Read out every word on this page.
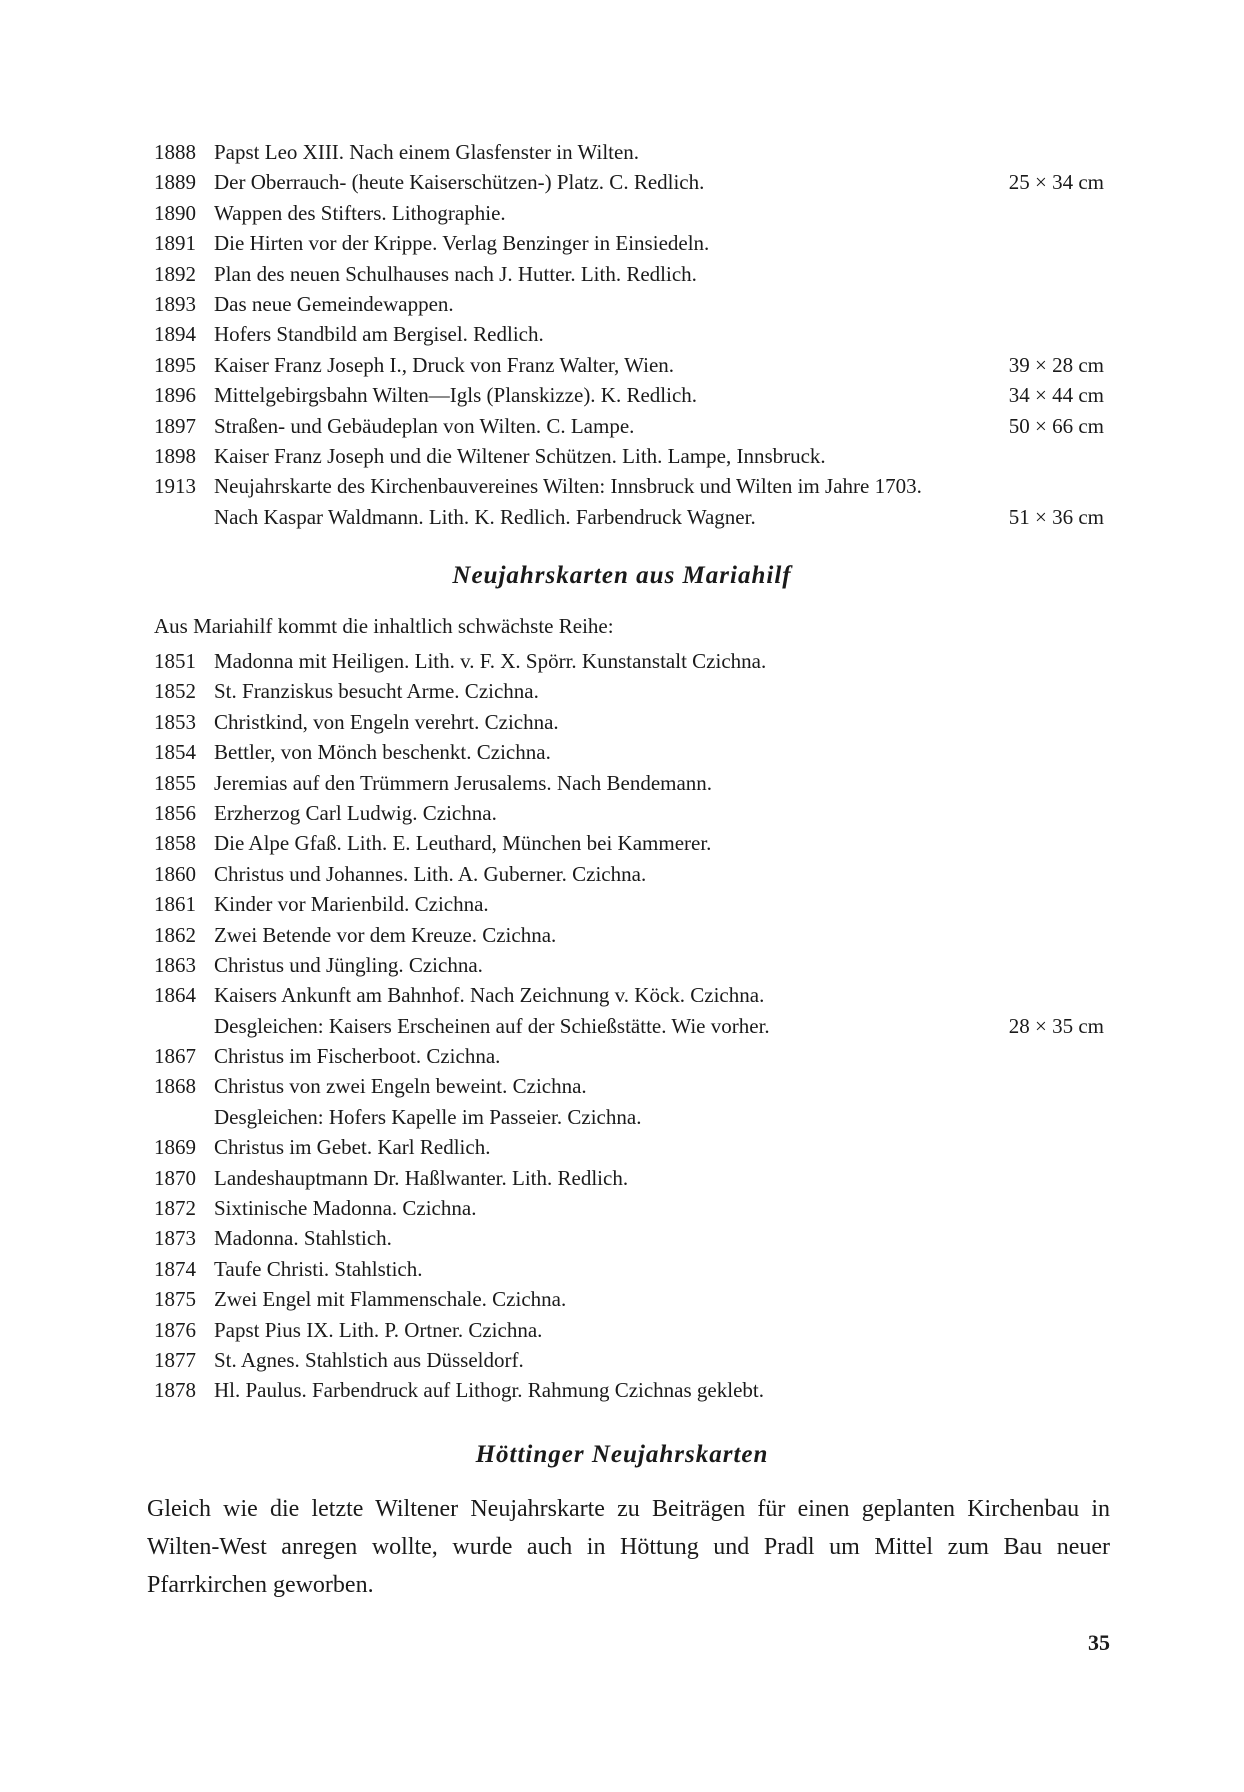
1888 Papst Leo XIII. Nach einem Glasfenster in Wilten.
1889 Der Oberrauch- (heute Kaiserschützen-) Platz. C. Redlich.	25 × 34 cm
1890 Wappen des Stifters. Lithographie.
1891 Die Hirten vor der Krippe. Verlag Benzinger in Einsiedeln.
1892 Plan des neuen Schulhauses nach J. Hutter. Lith. Redlich.
1893 Das neue Gemeindewappen.
1894 Hofers Standbild am Bergisel. Redlich.
1895 Kaiser Franz Joseph I., Druck von Franz Walter, Wien.	39 × 28 cm
1896 Mittelgebirgsbahn Wilten—Igls (Planskizze). K. Redlich.	34 × 44 cm
1897 Straßen- und Gebäudeplan von Wilten. C. Lampe.	50 × 66 cm
1898 Kaiser Franz Joseph und die Wiltener Schützen. Lith. Lampe, Innsbruck.
1913 Neujahrskarte des Kirchenbauvereines Wilten: Innsbruck und Wilten im Jahre 1703.
Nach Kaspar Waldmann. Lith. K. Redlich. Farbendruck Wagner.	51 × 36 cm
Neujahrskarten aus Mariahilf
Aus Mariahilf kommt die inhaltlich schwächste Reihe:
1851 Madonna mit Heiligen. Lith. v. F. X. Spörr. Kunstanstalt Czichna.
1852 St. Franziskus besucht Arme. Czichna.
1853 Christkind, von Engeln verehrt. Czichna.
1854 Bettler, von Mönch beschenkt. Czichna.
1855 Jeremias auf den Trümmern Jerusalems. Nach Bendemann.
1856 Erzherzog Carl Ludwig. Czichna.
1858 Die Alpe Gfaß. Lith. E. Leuthard, München bei Kammerer.
1860 Christus und Johannes. Lith. A. Guberner. Czichna.
1861 Kinder vor Marienbild. Czichna.
1862 Zwei Betende vor dem Kreuze. Czichna.
1863 Christus und Jüngling. Czichna.
1864 Kaisers Ankunft am Bahnhof. Nach Zeichnung v. Köck. Czichna.
Desgleichen: Kaisers Erscheinen auf der Schießstätte. Wie vorher.	28 × 35 cm
1867 Christus im Fischerboot. Czichna.
1868 Christus von zwei Engeln beweint. Czichna.
Desgleichen: Hofers Kapelle im Passeier. Czichna.
1869 Christus im Gebet. Karl Redlich.
1870 Landeshauptmann Dr. Haßlwanter. Lith. Redlich.
1872 Sixtinische Madonna. Czichna.
1873 Madonna. Stahlstich.
1874 Taufe Christi. Stahlstich.
1875 Zwei Engel mit Flammenschale. Czichna.
1876 Papst Pius IX. Lith. P. Ortner. Czichna.
1877 St. Agnes. Stahlstich aus Düsseldorf.
1878 Hl. Paulus. Farbendruck auf Lithogr. Rahmung Czichnas geklebt.
Höttinger Neujahrskarten
Gleich wie die letzte Wiltener Neujahrskarte zu Beiträgen für einen geplanten Kirchenbau in Wilten-West anregen wollte, wurde auch in Höttung und Pradl um Mittel zum Bau neuer Pfarrkirchen geworben.
35
